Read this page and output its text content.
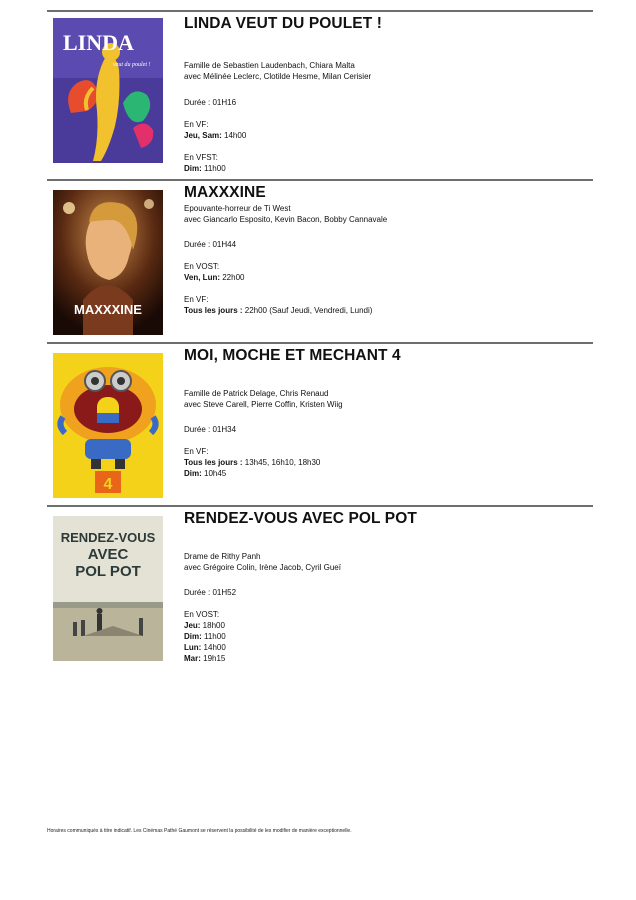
LINDA
veut du poulet !

LINDA VEUT DU POULET !

Famille de Sebastien Laudenbach, Chiara Malta

avec Mélinée Leclerc, Clotilde Hesme, Milan Cerisier

Durée : 01H16

En VF:

Jeu, Sam: 14h00

En VFST:

Dim: 11h00

MAXXXINE

MAXXXINE

Epouvante-horreur de Ti West

avec Giancarlo Esposito, Kevin Bacon, Bobby Cannavale

Durée : 01H44

En VOST:

Ven, Lun: 22h00

En VF:

Tous les jours : 22h00 (Sauf Jeudi, Vendredi, Lundi)

4

MOI, MOCHE ET MECHANT 4

Famille de Patrick Delage, Chris Renaud

avec Steve Carell, Pierre Coffin, Kristen Wiig

Durée : 01H34

En VF:

Tous les jours : 13h45, 16h10, 18h30

Dim: 10h45

RENDEZ-VOUS
AVEC
POL POT

RENDEZ-VOUS AVEC POL POT

Drame de Rithy Panh

avec Grégoire Colin, Irène Jacob, Cyril Gueï

Durée : 01H52

En VOST:

Jeu: 18h00

Dim: 11h00

Lun: 14h00

Mar: 19h15

Horaires communiqués à titre indicatif. Les Cinémas Pathé Gaumont se réservent la possibilité de les modifier de manière exceptionnelle.
